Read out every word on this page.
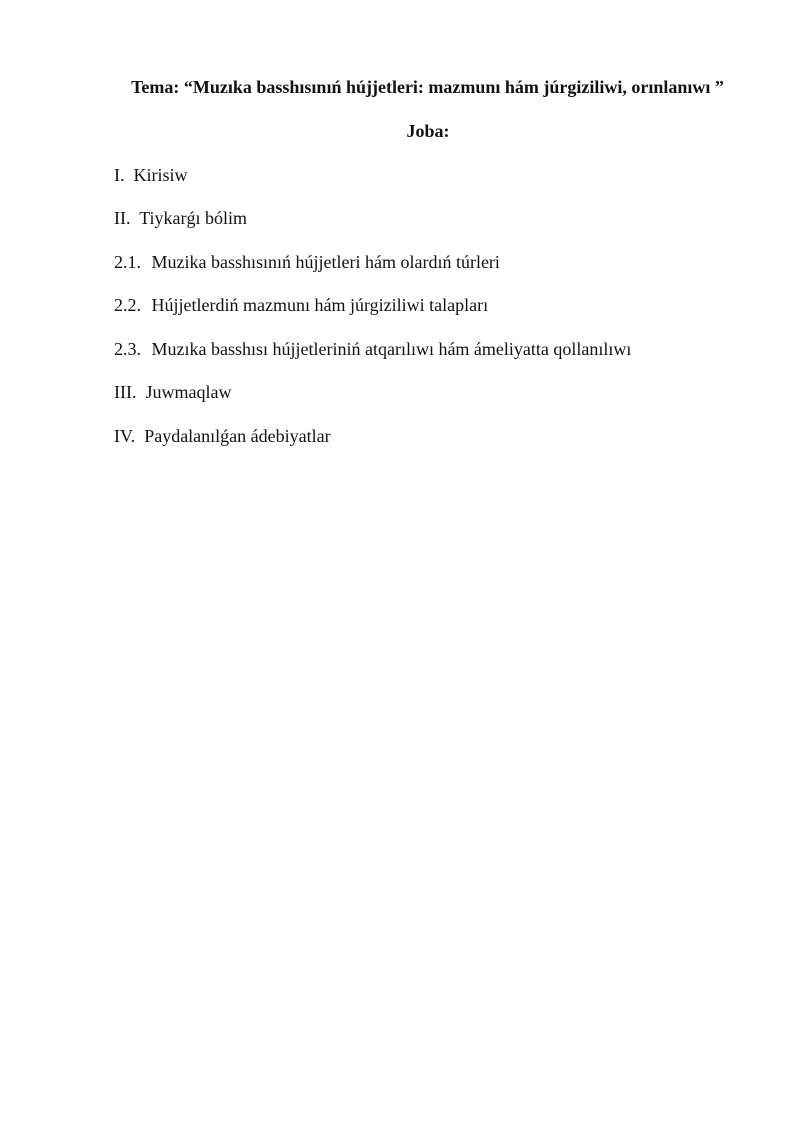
Tema: “Muzıka basshısınıń hújjetleri: mazmunı hám júrgiziliwi, orınlanıwı ”
Joba:
I.  Kirisiw
II.  Tiykarǵı bólim
2.1. Muzika basshısınıń hújjetleri hám olardıń túrleri
2.2. Hújjetlerdiń mazmunı hám júrgiziliwi talapları
2.3. Muzıka basshısı hújjetleriniń atqarılıwı hám ámeliyatta qollanılıwı
III.  Juwmaqlaw
IV.  Paydalanılǵan ádebiyatlar
